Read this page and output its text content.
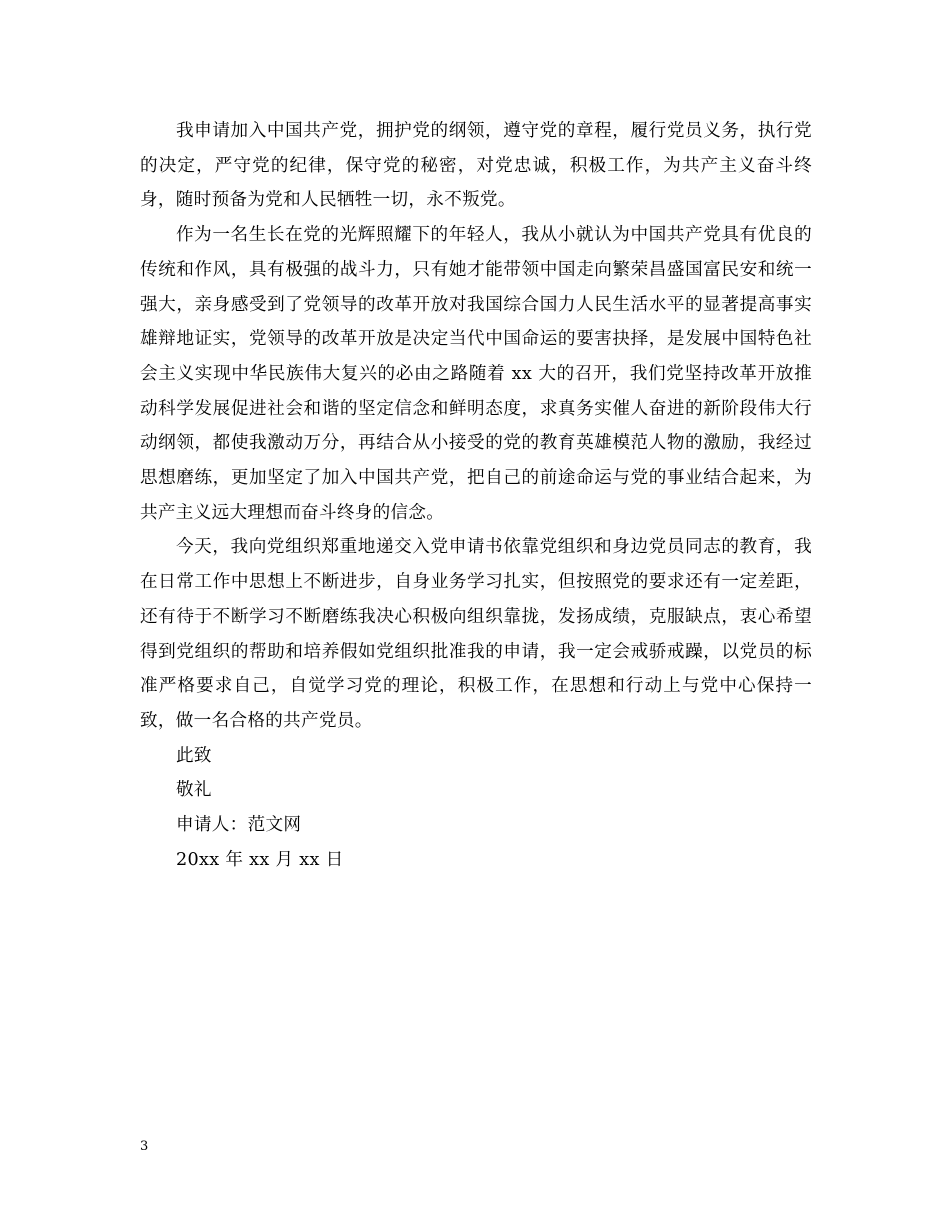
我申请加入中国共产党，拥护党的纲领，遵守党的章程，履行党员义务，执行党的决定，严守党的纪律，保守党的秘密，对党忠诚，积极工作，为共产主义奋斗终身，随时预备为党和人民牺牲一切，永不叛党。

作为一名生长在党的光辉照耀下的年轻人，我从小就认为中国共产党具有优良的传统和作风，具有极强的战斗力，只有她才能带领中国走向繁荣昌盛国富民安和统一强大，亲身感受到了党领导的改革开放对我国综合国力人民生活水平的显著提高事实雄辩地证实，党领导的改革开放是决定当代中国命运的要害抉择，是发展中国特色社会主义实现中华民族伟大复兴的必由之路随着 xx 大的召开，我们党坚持改革开放推动科学发展促进社会和谐的坚定信念和鲜明态度，求真务实催人奋进的新阶段伟大行动纲领，都使我激动万分，再结合从小接受的党的教育英雄模范人物的激励，我经过思想磨练，更加坚定了加入中国共产党，把自己的前途命运与党的事业结合起来，为共产主义远大理想而奋斗终身的信念。

今天，我向党组织郑重地递交入党申请书依靠党组织和身边党员同志的教育，我在日常工作中思想上不断进步，自身业务学习扎实，但按照党的要求还有一定差距，还有待于不断学习不断磨练我决心积极向组织靠拢，发扬成绩，克服缺点，衷心希望得到党组织的帮助和培养假如党组织批准我的申请，我一定会戒骄戒躁，以党员的标准严格要求自己，自觉学习党的理论，积极工作，在思想和行动上与党中心保持一致，做一名合格的共产党员。

此致

敬礼

申请人：范文网

20xx 年 xx 月 xx 日

3
